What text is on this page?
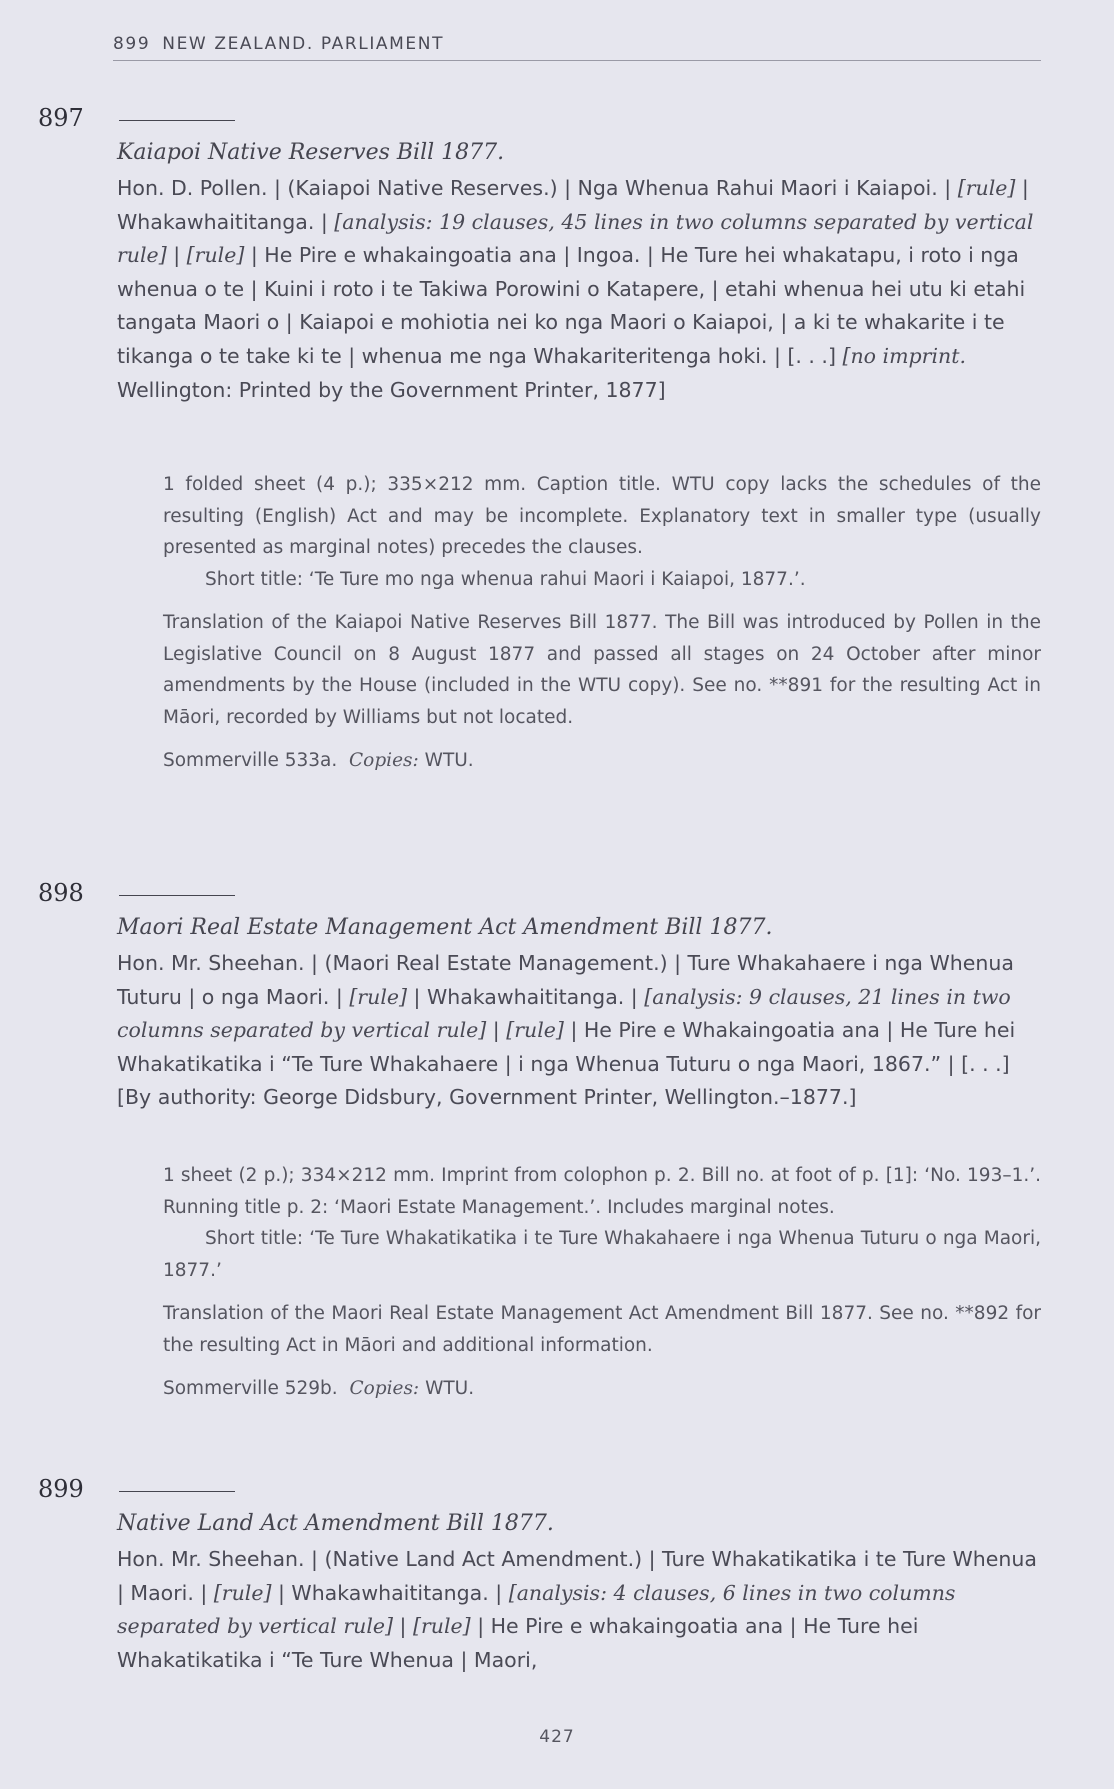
899 NEW ZEALAND. PARLIAMENT
897
Kaiapoi Native Reserves Bill 1877.

Hon. D. Pollen. | (Kaiapoi Native Reserves.) | Nga Whenua Rahui Maori i Kaiapoi. | [rule] | Whakawhaititanga. | [analysis: 19 clauses, 45 lines in two columns separated by vertical rule] | [rule] | He Pire e whakaingoatia ana | Ingoa. | He Ture hei whakatapu, i roto i nga whenua o te | Kuini i roto i te Takiwa Porowini o Katapere, | etahi whenua hei utu ki etahi tangata Maori o | Kaiapoi e mohiotia nei ko nga Maori o Kaiapoi, | a ki te whakarite i te tikanga o te take ki te | whenua me nga Whakariteritenga hoki. | [. . .] [no imprint. Wellington: Printed by the Government Printer, 1877]

1 folded sheet (4 p.); 335×212 mm. Caption title. WTU copy lacks the schedules of the resulting (English) Act and may be incomplete. Explanatory text in smaller type (usually presented as marginal notes) precedes the clauses.

Short title: ‘Te Ture mo nga whenua rahui Maori i Kaiapoi, 1877.’.

Translation of the Kaiapoi Native Reserves Bill 1877. The Bill was introduced by Pollen in the Legislative Council on 8 August 1877 and passed all stages on 24 October after minor amendments by the House (included in the WTU copy). See no. **891 for the resulting Act in Māori, recorded by Williams but not located.

Sommerville 533a. Copies: WTU.

898
Maori Real Estate Management Act Amendment Bill 1877.

Hon. Mr. Sheehan. | (Maori Real Estate Management.) | Ture Whakahaere i nga Whenua Tuturu | o nga Maori. | [rule] | Whakawhaititanga. | [analysis: 9 clauses, 21 lines in two columns separated by vertical rule] | [rule] | He Pire e Whakaingoatia ana | He Ture hei Whakatikatika i “Te Ture Whakahaere | i nga Whenua Tuturu o nga Maori, 1867.” | [. . .] [By authority: George Didsbury, Government Printer, Wellington.–1877.]

1 sheet (2 p.); 334×212 mm. Imprint from colophon p. 2. Bill no. at foot of p. [1]: ‘No. 193–1.’. Running title p. 2: ‘Maori Estate Management.’. Includes marginal notes.

Short title: ‘Te Ture Whakatikatika i te Ture Whakahaere i nga Whenua Tuturu o nga Maori, 1877.’

Translation of the Maori Real Estate Management Act Amendment Bill 1877. See no. **892 for the resulting Act in Māori and additional information.

Sommerville 529b. Copies: WTU.

899
Native Land Act Amendment Bill 1877.

Hon. Mr. Sheehan. | (Native Land Act Amendment.) | Ture Whakatikatika i te Ture Whenua | Maori. | [rule] | Whakawhaititanga. | [analysis: 4 clauses, 6 lines in two columns separated by vertical rule] | [rule] | He Pire e whakaingoatia ana | He Ture hei Whakatikatika i “Te Ture Whenua | Maori,

427
